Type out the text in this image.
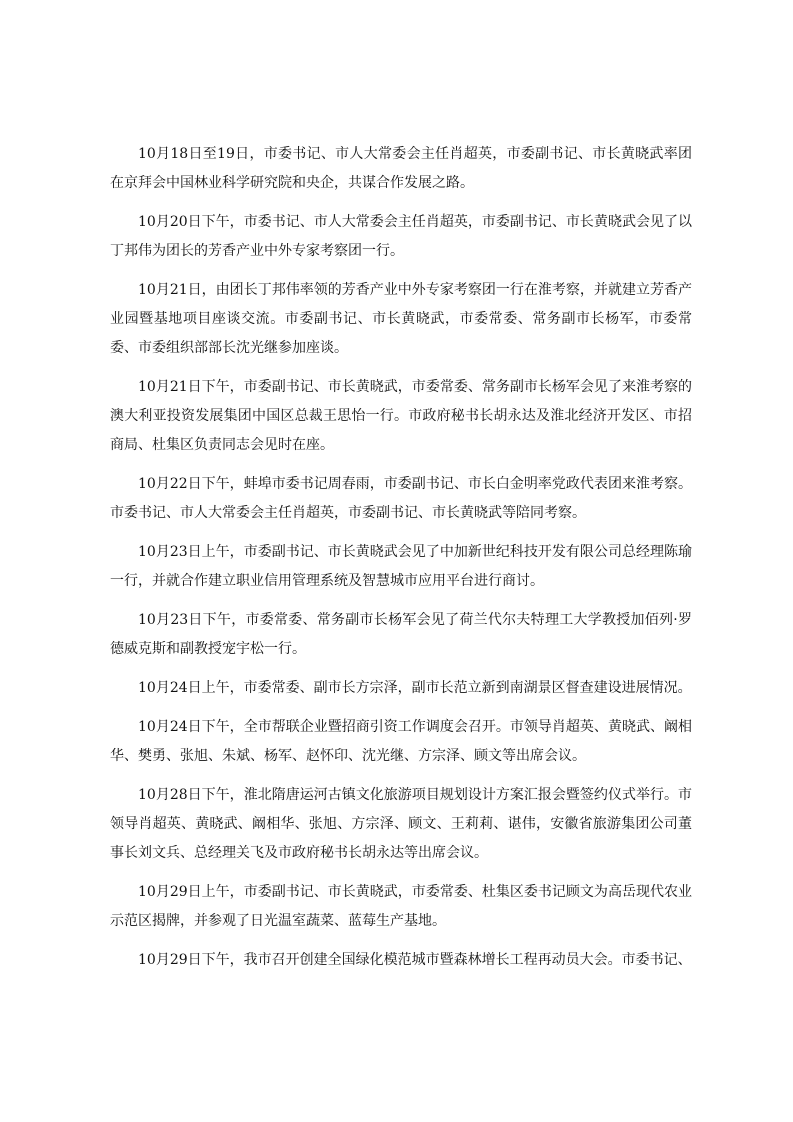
10月18日至19日，市委书记、市人大常委会主任肖超英，市委副书记、市长黄晓武率团在京拜会中国林业科学研究院和央企，共谋合作发展之路。

10月20日下午，市委书记、市人大常委会主任肖超英，市委副书记、市长黄晓武会见了以丁邦伟为团长的芳香产业中外专家考察团一行。

10月21日，由团长丁邦伟率领的芳香产业中外专家考察团一行在淮考察，并就建立芳香产业园暨基地项目座谈交流。市委副书记、市长黄晓武，市委常委、常务副市长杨军，市委常委、市委组织部部长沈光继参加座谈。

10月21日下午，市委副书记、市长黄晓武，市委常委、常务副市长杨军会见了来淮考察的澳大利亚投资发展集团中国区总裁王思怡一行。市政府秘书长胡永达及淮北经济开发区、市招商局、杜集区负责同志会见时在座。

10月22日下午，蚌埠市委书记周春雨，市委副书记、市长白金明率党政代表团来淮考察。市委书记、市人大常委会主任肖超英，市委副书记、市长黄晓武等陪同考察。

10月23日上午，市委副书记、市长黄晓武会见了中加新世纪科技开发有限公司总经理陈瑜一行，并就合作建立职业信用管理系统及智慧城市应用平台进行商讨。

10月23日下午，市委常委、常务副市长杨军会见了荷兰代尔夫特理工大学教授加佰列·罗德威克斯和副教授宠宇松一行。

10月24日上午，市委常委、副市长方宗泽，副市长范立新到南湖景区督查建设进展情况。

10月24日下午，全市帮联企业暨招商引资工作调度会召开。市领导肖超英、黄晓武、阚相华、樊勇、张旭、朱斌、杨军、赵怀印、沈光继、方宗泽、顾文等出席会议。

10月28日下午，淮北隋唐运河古镇文化旅游项目规划设计方案汇报会暨签约仪式举行。市领导肖超英、黄晓武、阚相华、张旭、方宗泽、顾文、王莉莉、谌伟，安徽省旅游集团公司董事长刘文兵、总经理关飞及市政府秘书长胡永达等出席会议。

10月29日上午，市委副书记、市长黄晓武，市委常委、杜集区委书记顾文为高岳现代农业示范区揭牌，并参观了日光温室蔬菜、蓝莓生产基地。

10月29日下午，我市召开创建全国绿化模范城市暨森林增长工程再动员大会。市委书记、
